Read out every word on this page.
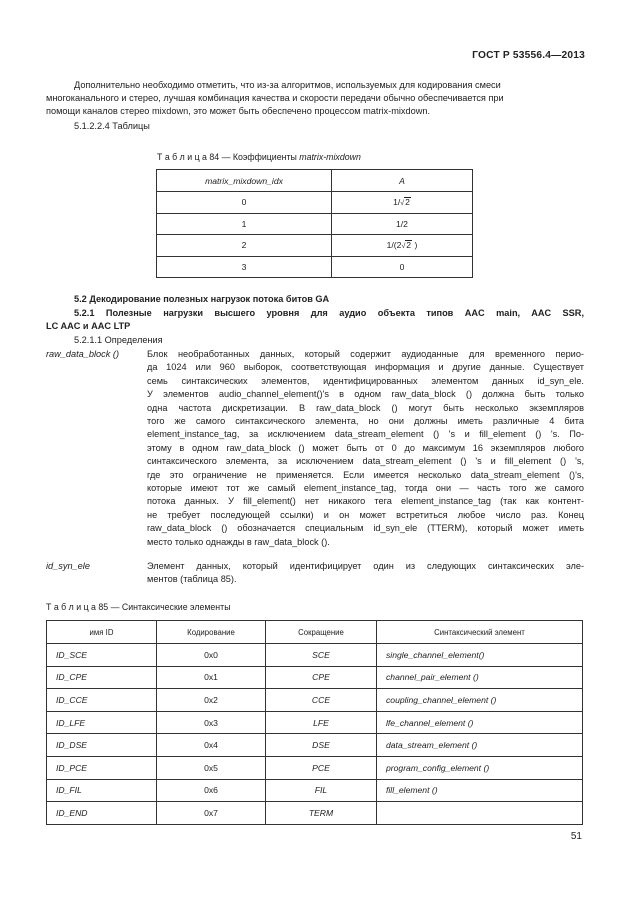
ГОСТ Р 53556.4—2013
Дополнительно необходимо отметить, что из-за алгоритмов, используемых для кодирования смеси
многоканального и стерео, лучшая комбинация качества и скорости передачи обычно обеспечивается при
помощи каналов стерео mixdown, это может быть обеспечено процессом matrix-mixdown.
5.1.2.2.4 Таблицы
Т а б л и ц а 84 — Коэффициенты matrix-mixdown
matrix_mixdown_idx	A
0	1/√2
1	1/2
2	1/(2√2 )
3	0
5.2 Декодирование полезных нагрузок потока битов GA
5.2.1 Полезные нагрузки высшего уровня для аудио объекта типов AAC main, AAC SSR,
LC AAC и AAC LTP
5.2.1.1 Определения
raw_data_block ()	Блок необработанных данных, который содержит аудиоданные для временного перио-
да 1024 или 960 выборок, соответствующая информация и другие данные. Существует
семь синтаксических элементов, идентифицированных элементом данных id_syn_ele.
У элементов audio_channel_element()'s в одном raw_data_block () должна быть только
одна частота дискретизации. В raw_data_block () могут быть несколько экземпляров
того же самого синтаксического элемента, но они должны иметь различные 4 бита
element_instance_tag, за исключением data_stream_element () 's и fill_element () 's. По-
этому в одном raw_data_block () может быть от 0 до максимум 16 экземпляров любого
синтаксического элемента, за исключением data_stream_element () 's и fill_element () 's,
где это ограничение не применяется. Если имеется несколько data_stream_element ()'s,
которые имеют тот же самый element_instance_tag, тогда они — часть того же самого
потока данных. У fill_element() нет никакого тега element_instance_tag (так как контент-
не требует последующей ссылки) и он может встретиться любое число раз. Конец
raw_data_block () обозначается специальным id_syn_ele (TTERM), который может иметь
место только однажды в raw_data_block ().
id_syn_ele	Элемент данных, который идентифицирует один из следующих синтаксических эле-
ментов (таблица 85).
Т а б л и ц а 85 — Синтаксические элементы
имя ID	Кодирование	Сокращение	Синтаксический элемент
ID_SCE	0x0	SCE	single_channel_element()
ID_CPE	0x1	CPE	channel_pair_element ()
ID_CCE	0x2	CCE	coupling_channel_element ()
ID_LFE	0x3	LFE	lfe_channel_element ()
ID_DSE	0x4	DSE	data_stream_element ()
ID_PCE	0x5	PCE	program_config_element ()
ID_FIL	0x6	FIL	fill_element ()
ID_END	0x7	TERM	
51
